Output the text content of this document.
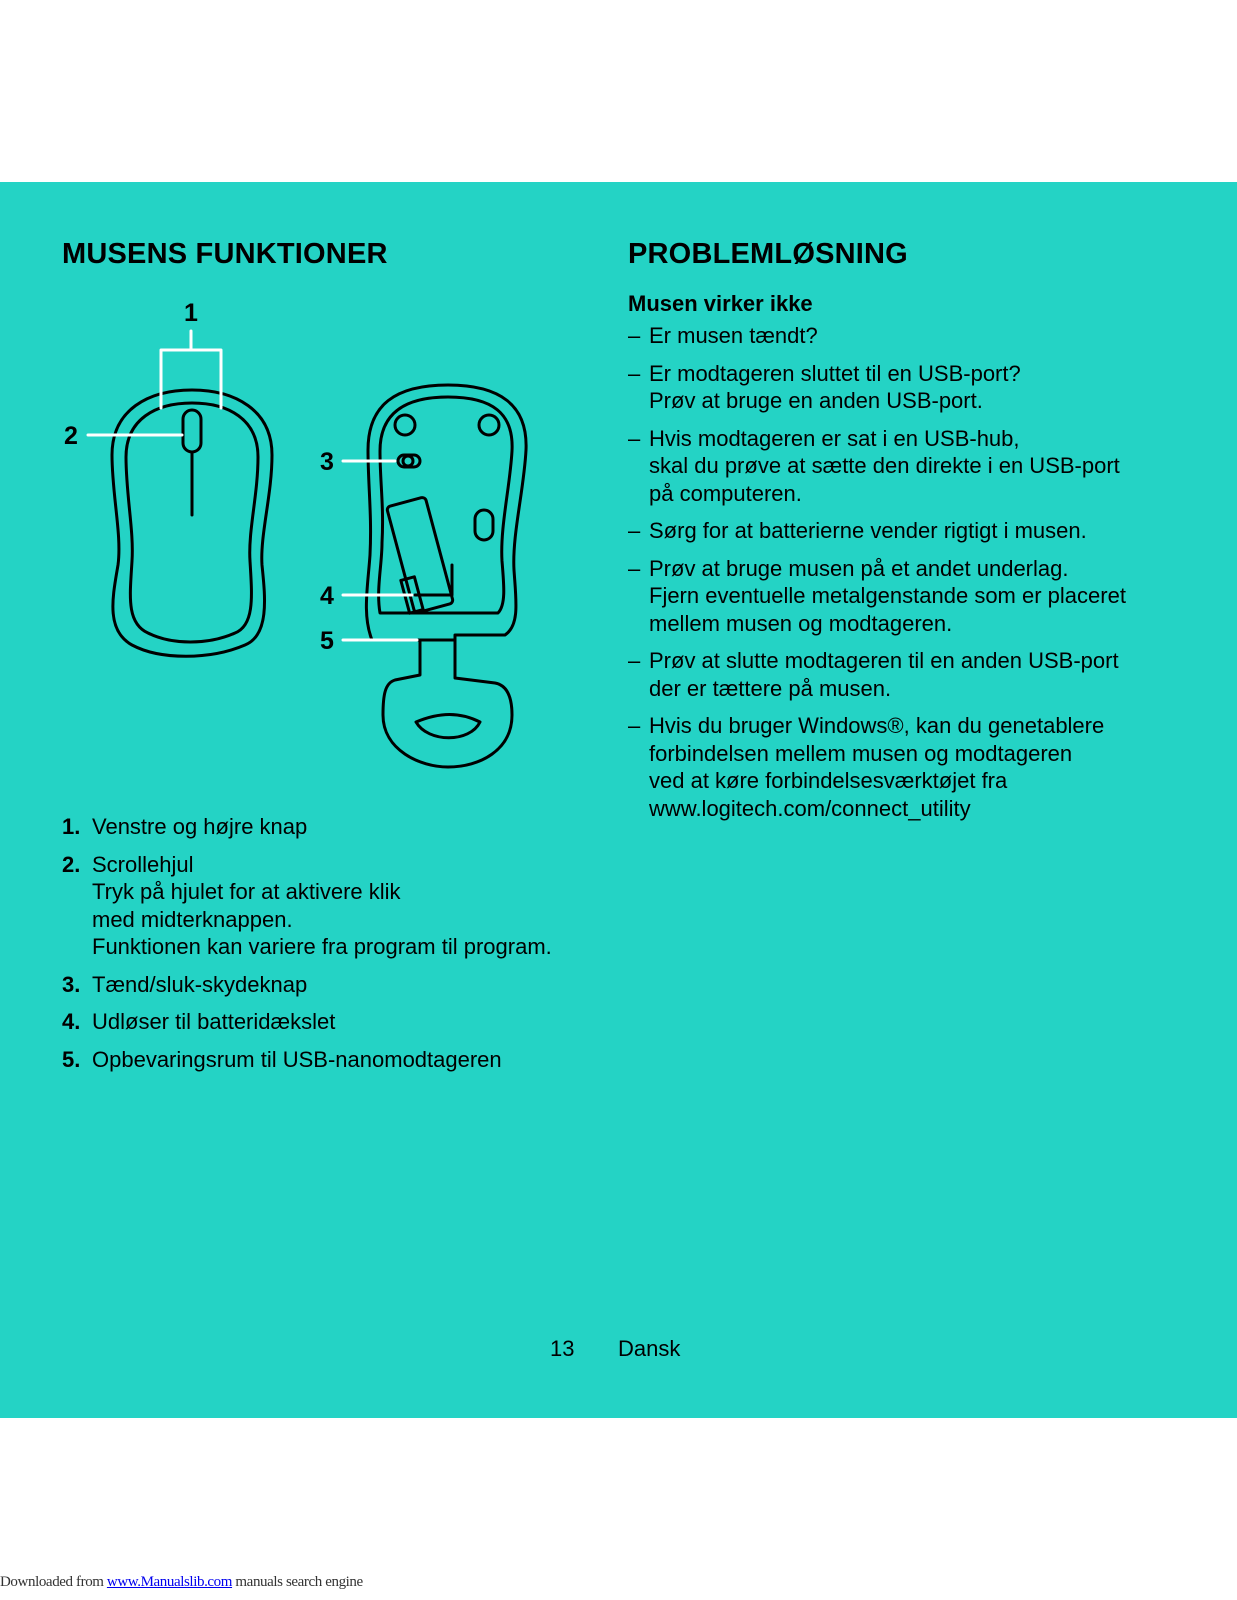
MUSENS FUNKTIONER	PROBLEMLØSNING
1
2
3
4
5
1. Venstre og højre knap
2. Scrollehjul
Tryk på hjulet for at aktivere klik
med midterknappen.
Funktionen kan variere fra program til program.
3. Tænd/sluk-skydeknap
4. Udløser til batteridækslet
5. Opbevaringsrum til USB-nanomodtageren
Musen virker ikke
– Er musen tændt?
– Er modtageren sluttet til en USB-port?
Prøv at bruge en anden USB-port.
– Hvis modtageren er sat i en USB-hub,
skal du prøve at sætte den direkte i en USB-port
på computeren.
– Sørg for at batterierne vender rigtigt i musen.
– Prøv at bruge musen på et andet underlag.
Fjern eventuelle metalgenstande som er placeret
mellem musen og modtageren.
– Prøv at slutte modtageren til en anden USB-port
der er tættere på musen.
– Hvis du bruger Windows®, kan du genetablere
forbindelsen mellem musen og modtageren
ved at køre forbindelsesværktøjet fra
www.logitech.com/connect_utility
13 Dansk
Downloaded from www.Manualslib.com manuals search engine
